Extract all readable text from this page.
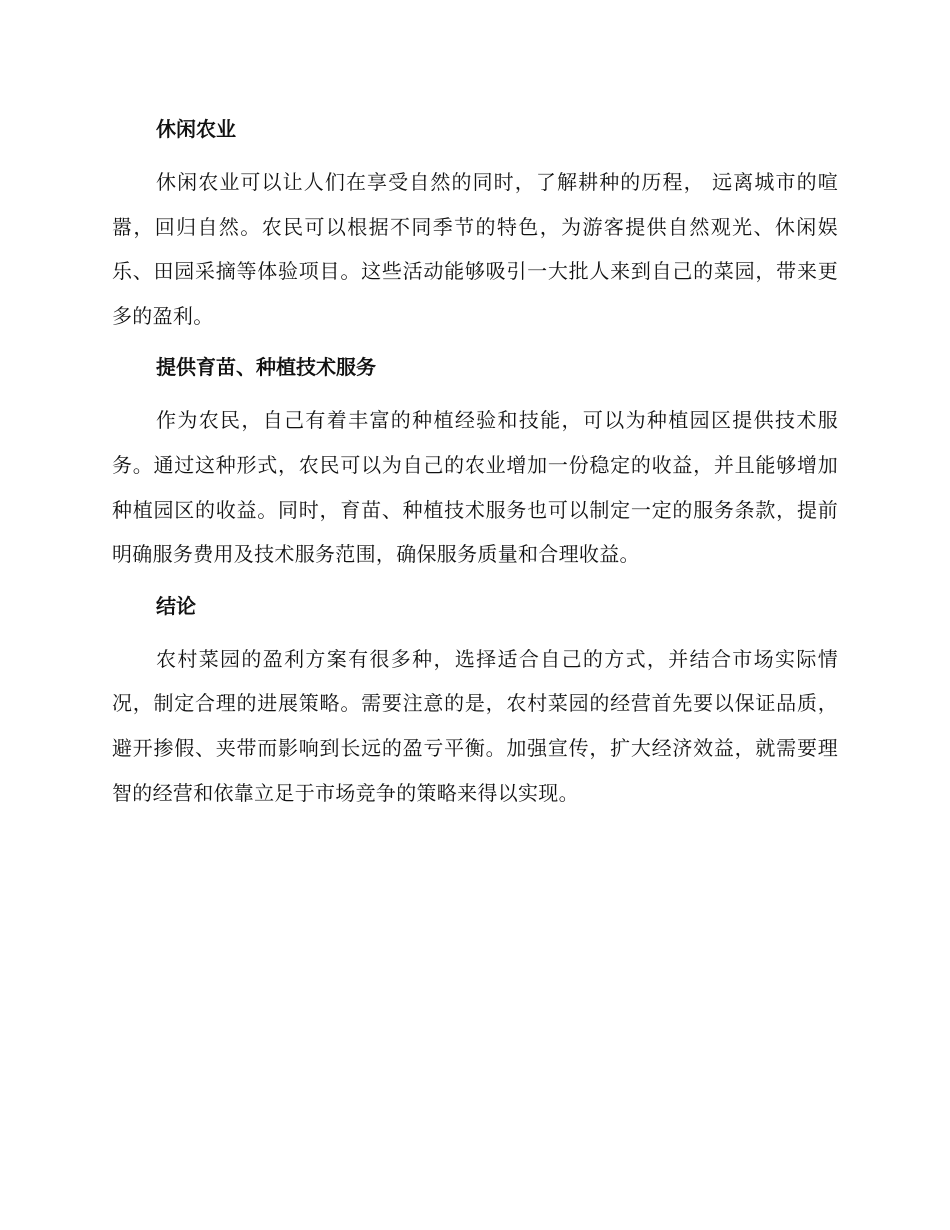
休闲农业

休闲农业可以让人们在享受自然的同时，了解耕种的历程， 远离城市的喧嚣，回归自然。农民可以根据不同季节的特色，为游客提供自然观光、休闲娱乐、田园采摘等体验项目。这些活动能够吸引一大批人来到自己的菜园，带来更多的盈利。

提供育苗、种植技术服务

作为农民，自己有着丰富的种植经验和技能，可以为种植园区提供技术服务。通过这种形式，农民可以为自己的农业增加一份稳定的收益，并且能够增加种植园区的收益。同时，育苗、种植技术服务也可以制定一定的服务条款，提前明确服务费用及技术服务范围，确保服务质量和合理收益。

结论

农村菜园的盈利方案有很多种，选择适合自己的方式，并结合市场实际情况，制定合理的进展策略。需要注意的是，农村菜园的经营首先要以保证品质，避开掺假、夹带而影响到长远的盈亏平衡。加强宣传，扩大经济效益，就需要理智的经营和依靠立足于市场竞争的策略来得以实现。
